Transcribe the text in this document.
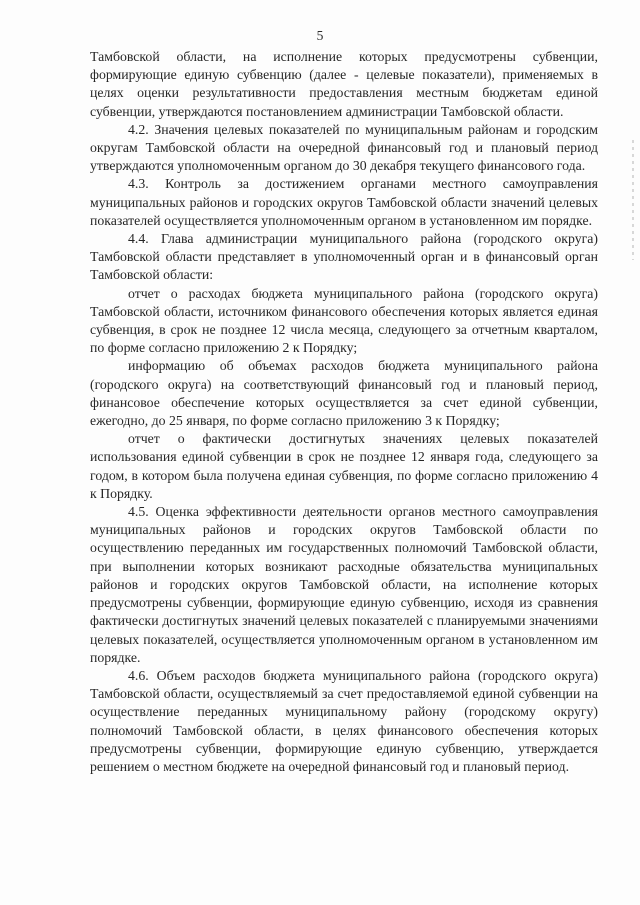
5

Тамбовской области, на исполнение которых предусмотрены субвенции, формирующие единую субвенцию (далее - целевые показатели), применяемых в целях оценки результативности предоставления местным бюджетам единой субвенции, утверждаются постановлением администрации Тамбовской области.

4.2. Значения целевых показателей по муниципальным районам и городским округам Тамбовской области на очередной финансовый год и плановый период утверждаются уполномоченным органом до 30 декабря текущего финансового года.

4.3. Контроль за достижением органами местного самоуправления муниципальных районов и городских округов Тамбовской области значений целевых показателей осуществляется уполномоченным органом в установленном им порядке.

4.4. Глава администрации муниципального района (городского округа) Тамбовской области представляет в уполномоченный орган и в финансовый орган Тамбовской области:

отчет о расходах бюджета муниципального района (городского округа) Тамбовской области, источником финансового обеспечения которых является единая субвенция, в срок не позднее 12 числа месяца, следующего за отчетным кварталом, по форме согласно приложению 2 к Порядку;

информацию об объемах расходов бюджета муниципального района (городского округа) на соответствующий финансовый год и плановый период, финансовое обеспечение которых осуществляется за счет единой субвенции, ежегодно, до 25 января, по форме согласно приложению 3 к Порядку;

отчет о фактически достигнутых значениях целевых показателей использования единой субвенции в срок не позднее 12 января года, следующего за годом, в котором была получена единая субвенция, по форме согласно приложению 4 к Порядку.

4.5. Оценка эффективности деятельности органов местного самоуправления муниципальных районов и городских округов Тамбовской области по осуществлению переданных им государственных полномочий Тамбовской области, при выполнении которых возникают расходные обязательства муниципальных районов и городских округов Тамбовской области, на исполнение которых предусмотрены субвенции, формирующие единую субвенцию, исходя из сравнения фактически достигнутых значений целевых показателей с планируемыми значениями целевых показателей, осуществляется уполномоченным органом в установленном им порядке.

4.6. Объем расходов бюджета муниципального района (городского округа) Тамбовской области, осуществляемый за счет предоставляемой единой субвенции на осуществление переданных муниципальному району (городскому округу) полномочий Тамбовской области, в целях финансового обеспечения которых предусмотрены субвенции, формирующие единую субвенцию, утверждается решением о местном бюджете на очередной финансовый год и плановый период.
